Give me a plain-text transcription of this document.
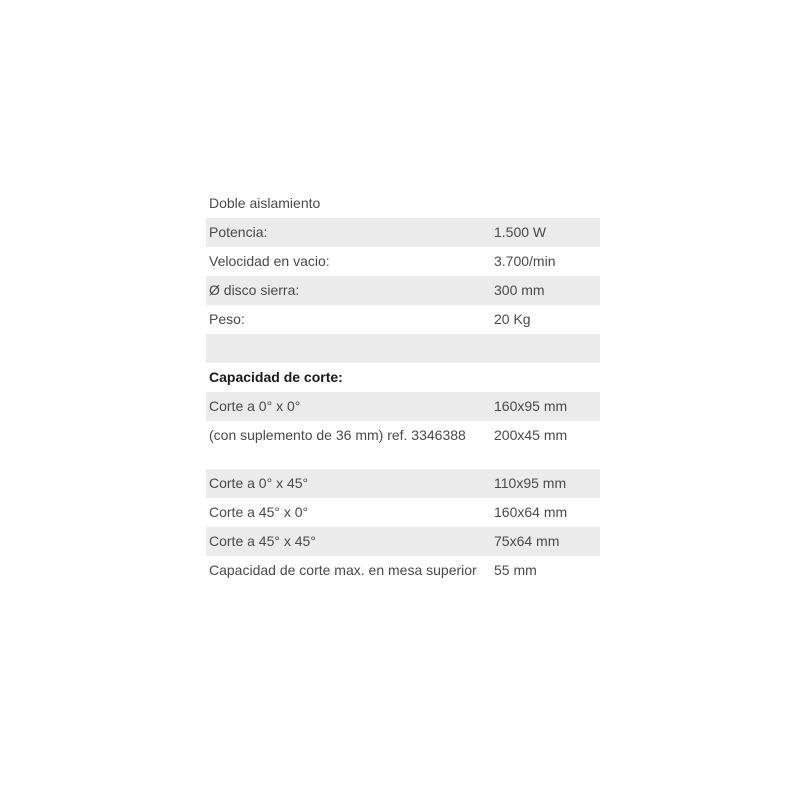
Doble aislamiento
Potencia:	1.500 W
Velocidad en vacio:	3.700/min
Ø disco sierra:	300 mm
Peso:	20 Kg
Capacidad de corte:
Corte a 0° x 0°	160x95 mm
(con suplemento de 36 mm) ref. 3346388	200x45 mm
Corte a 0° x 45°	110x95 mm
Corte a 45° x 0°	160x64 mm
Corte a 45° x 45°	75x64 mm
Capacidad de corte max. en mesa superior	55 mm
